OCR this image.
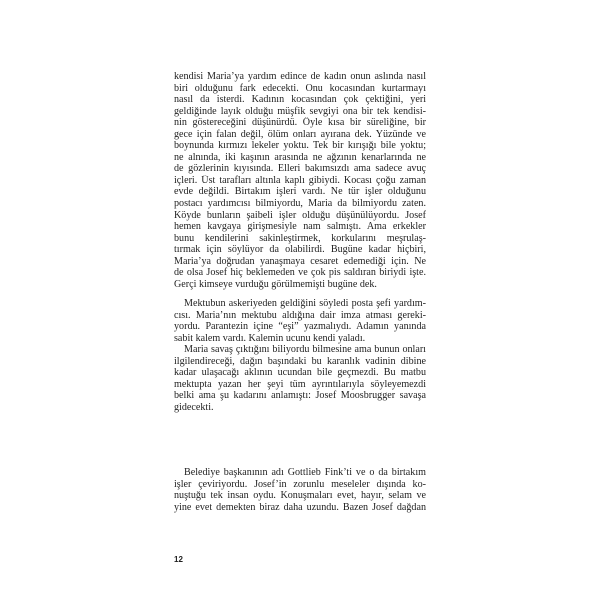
kendisi Maria’ya yardım edince de kadın onun aslında nasıl
biri olduğunu fark edecekti. Onu kocasından kurtarmayı
nasıl da isterdi. Kadının kocasından çok çektiğini, yeri
geldiğinde layık olduğu müşfik sevgiyi ona bir tek kendisi-
nin göstereceğini düşünürdü. Öyle kısa bir süreliğine, bir
gece için falan değil, ölüm onları ayırana dek. Yüzünde ve
boynunda kırmızı lekeler yoktu. Tek bir kırışığı bile yoktu;
ne alnında, iki kaşının arasında ne ağzının kenarlarında ne
de gözlerinin kıyısında. Elleri bakımsızdı ama sadece avuç
içleri. Üst tarafları altınla kaplı gibiydi. Kocası çoğu zaman
evde değildi. Birtakım işleri vardı. Ne tür işler olduğunu
postacı yardımcısı bilmiyordu, Maria da bilmiyordu zaten.
Köyde bunların şaibeli işler olduğu düşünülüyordu. Josef
hemen kavgaya girişmesiyle nam salmıştı. Ama erkekler
bunu kendilerini sakinleştirmek, korkularını meşrulaş-
tırmak için söylüyor da olabilirdi. Bugüne kadar hiçbiri,
Maria’ya doğrudan yanaşmaya cesaret edemediği için. Ne
de olsa Josef hiç beklemeden ve çok pis saldıran biriydi işte.
Gerçi kimseye vurduğu görülmemişti bugüne dek.
Mektubun askeriyeden geldiğini söyledi posta şefi yardım-
cısı. Maria’nın mektubu aldığına dair imza atması gereki-
yordu. Parantezin içine “eşi” yazmalıydı. Adamın yanında
sabit kalem vardı. Kalemin ucunu kendi yaladı.
Maria savaş çıktığını biliyordu bilmesine ama bunun onları
ilgilendireceği, dağın başındaki bu karanlık vadinin dibine
kadar ulaşacağı aklının ucundan bile geçmezdi. Bu matbu
mektupta yazan her şeyi tüm ayrıntılarıyla söyleyemezdi
belki ama şu kadarını anlamıştı: Josef Moosbrugger savaşa
gidecekti.
Belediye başkanının adı Gottlieb Fink’ti ve o da birtakım
işler çeviriyordu. Josef’in zorunlu meseleler dışında ko-
nuştuğu tek insan oydu. Konuşmaları evet, hayır, selam ve
yine evet demekten biraz daha uzundu. Bazen Josef dağdan
12
